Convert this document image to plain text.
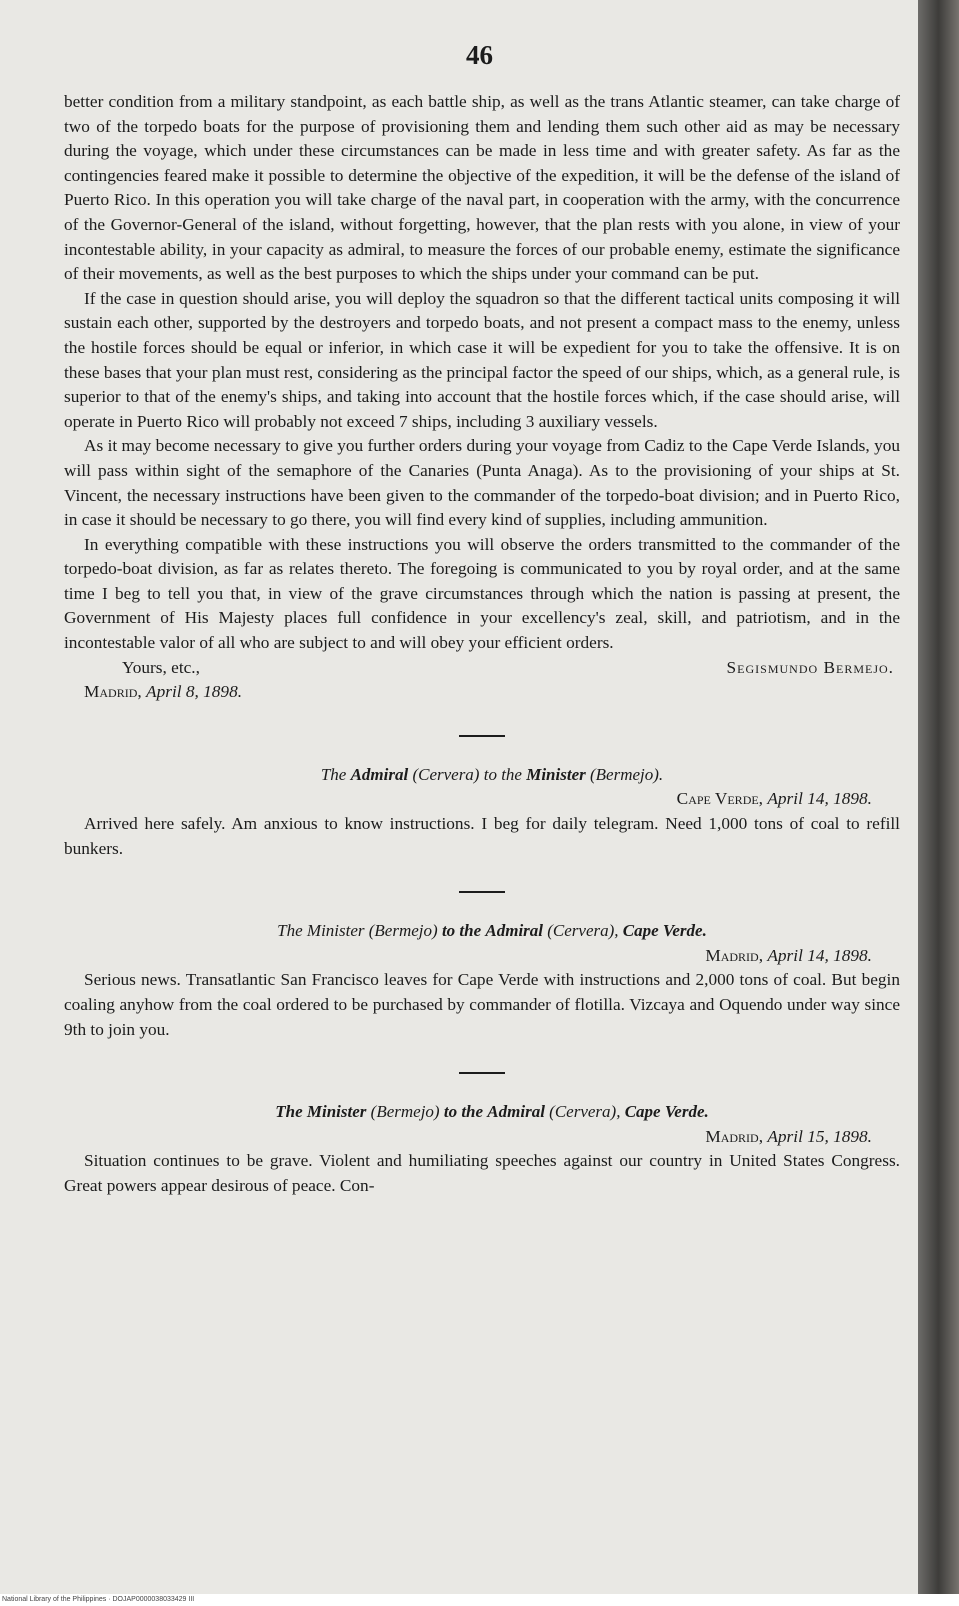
46

better condition from a military standpoint, as each battle ship, as well as the trans Atlantic steamer, can take charge of two of the torpedo boats for the purpose of provisioning them and lending them such other aid as may be necessary during the voyage, which under these circumstances can be made in less time and with greater safety. As far as the contingencies feared make it possible to determine the objective of the expedition, it will be the defense of the island of Puerto Rico. In this operation you will take charge of the naval part, in cooperation with the army, with the concurrence of the Governor-General of the island, without forgetting, however, that the plan rests with you alone, in view of your incontestable ability, in your capacity as admiral, to measure the forces of our probable enemy, estimate the significance of their movements, as well as the best purposes to which the ships under your command can be put.

If the case in question should arise, you will deploy the squadron so that the different tactical units composing it will sustain each other, supported by the destroyers and torpedo boats, and not present a compact mass to the enemy, unless the hostile forces should be equal or inferior, in which case it will be expedient for you to take the offensive. It is on these bases that your plan must rest, considering as the principal factor the speed of our ships, which, as a general rule, is superior to that of the enemy's ships, and taking into account that the hostile forces which, if the case should arise, will operate in Puerto Rico will probably not exceed 7 ships, including 3 auxiliary vessels.

As it may become necessary to give you further orders during your voyage from Cadiz to the Cape Verde Islands, you will pass within sight of the semaphore of the Canaries (Punta Anaga). As to the provisioning of your ships at St. Vincent, the necessary instructions have been given to the commander of the torpedo-boat division; and in Puerto Rico, in case it should be necessary to go there, you will find every kind of supplies, including ammunition.

In everything compatible with these instructions you will observe the orders transmitted to the commander of the torpedo-boat division, as far as relates thereto. The foregoing is communicated to you by royal order, and at the same time I beg to tell you that, in view of the grave circumstances through which the nation is passing at present, the Government of His Majesty places full confidence in your excellency's zeal, skill, and patriotism, and in the incontestable valor of all who are subject to and will obey your efficient orders.

Yours, etc.,	Segismundo Bermejo.

Madrid, April 8, 1898.

The Admiral (Cervera) to the Minister (Bermejo).

Cape Verde, April 14, 1898.

Arrived here safely. Am anxious to know instructions. I beg for daily telegram. Need 1,000 tons of coal to refill bunkers.

The Minister (Bermejo) to the Admiral (Cervera), Cape Verde.

Madrid, April 14, 1898.

Serious news. Transatlantic San Francisco leaves for Cape Verde with instructions and 2,000 tons of coal. But begin coaling anyhow from the coal ordered to be purchased by commander of flotilla. Vizcaya and Oquendo under way since 9th to join you.

The Minister (Bermejo) to the Admiral (Cervera), Cape Verde.

Madrid, April 15, 1898.

Situation continues to be grave. Violent and humiliating speeches against our country in United States Congress. Great powers appear desirous of peace. Con-

National Library of the Philippines · DOJAP0000038033429 III
